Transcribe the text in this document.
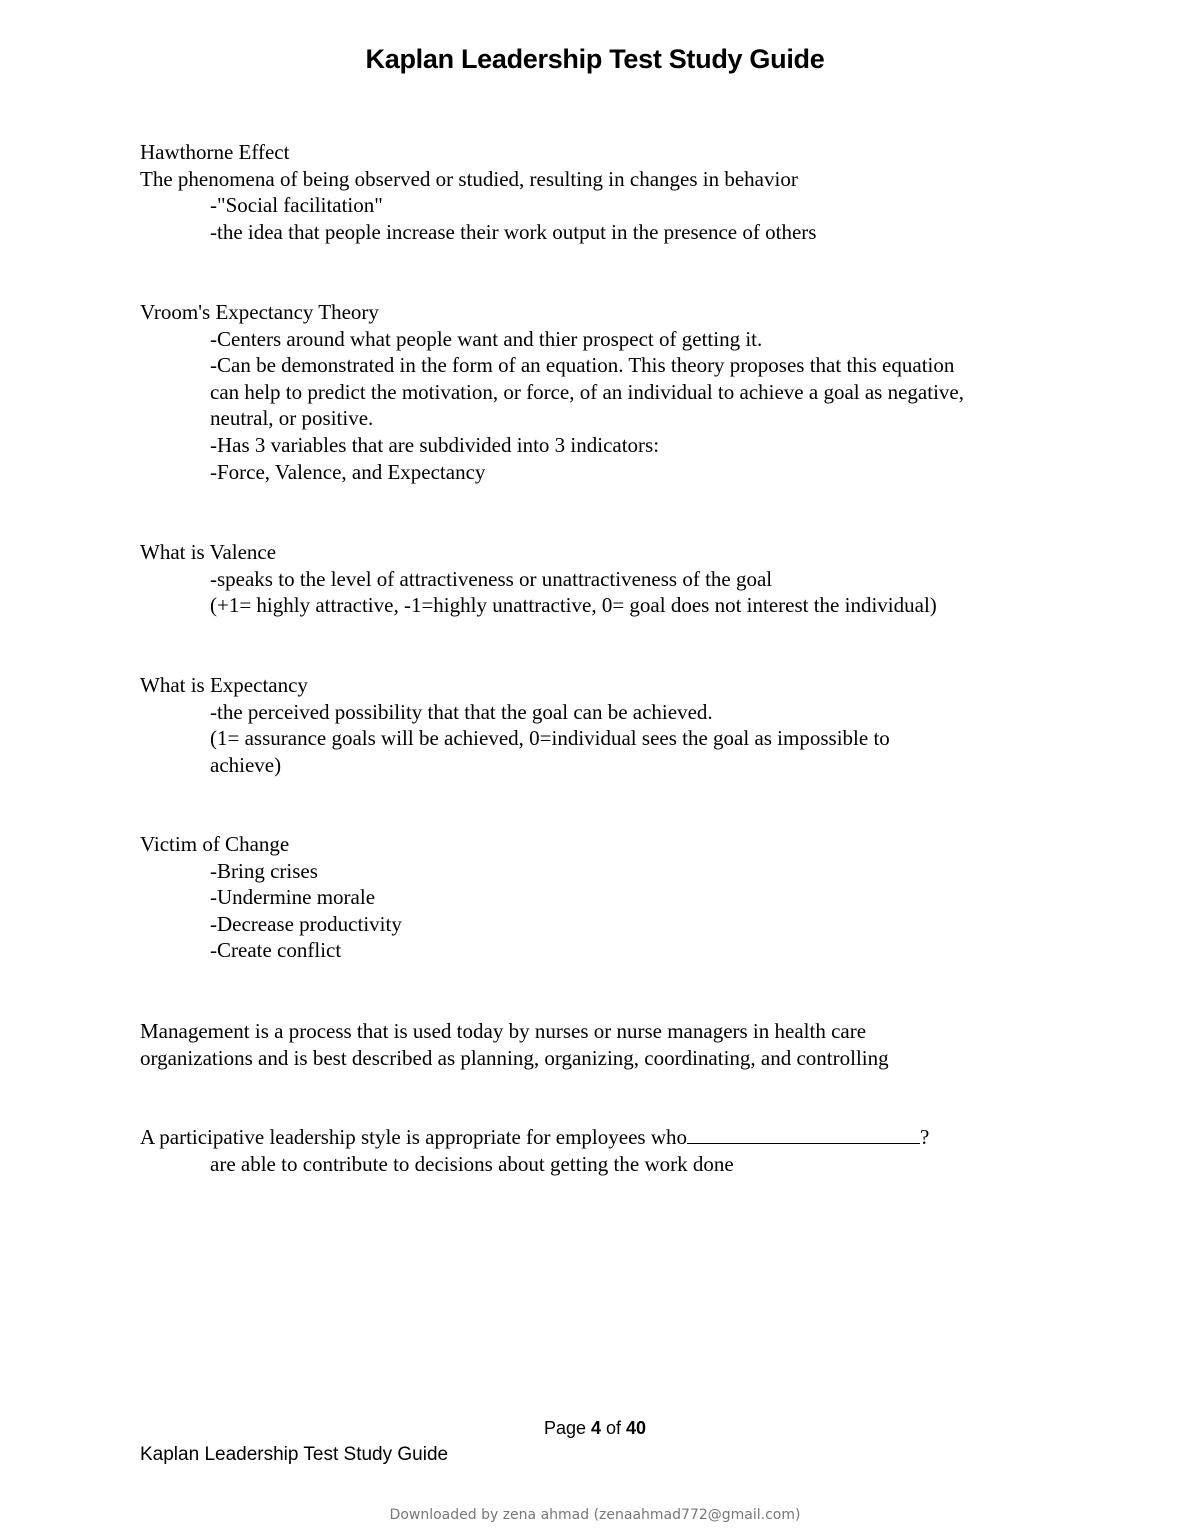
Kaplan Leadership Test Study Guide

Hawthorne Effect

The phenomena of being observed or studied, resulting in changes in behavior

-"Social facilitation"

-the idea that people increase their work output in the presence of others

Vroom's Expectancy Theory

-Centers around what people want and thier prospect of getting it.

-Can be demonstrated in the form of an equation. This theory proposes that this equation

can help to predict the motivation, or force, of an individual to achieve a goal as negative,

neutral, or positive.

-Has 3 variables that are subdivided into 3 indicators:

-Force, Valence, and Expectancy

What is Valence

-speaks to the level of attractiveness or unattractiveness of the goal

(+1= highly attractive, -1=highly unattractive, 0= goal does not interest the individual)

What is Expectancy

-the perceived possibility that that the goal can be achieved.

(1= assurance goals will be achieved, 0=individual sees the goal as impossible to

achieve)

Victim of Change

-Bring crises

-Undermine morale

-Decrease productivity

-Create conflict

Management is a process that is used today by nurses or nurse managers in health care

organizations and is best described as planning, organizing, coordinating, and controlling

A participative leadership style is appropriate for employees who	?

are able to contribute to decisions about getting the work done

Page 4 of 40
Kaplan Leadership Test Study Guide
Downloaded by zena ahmad (zenaahmad772@gmail.com)
